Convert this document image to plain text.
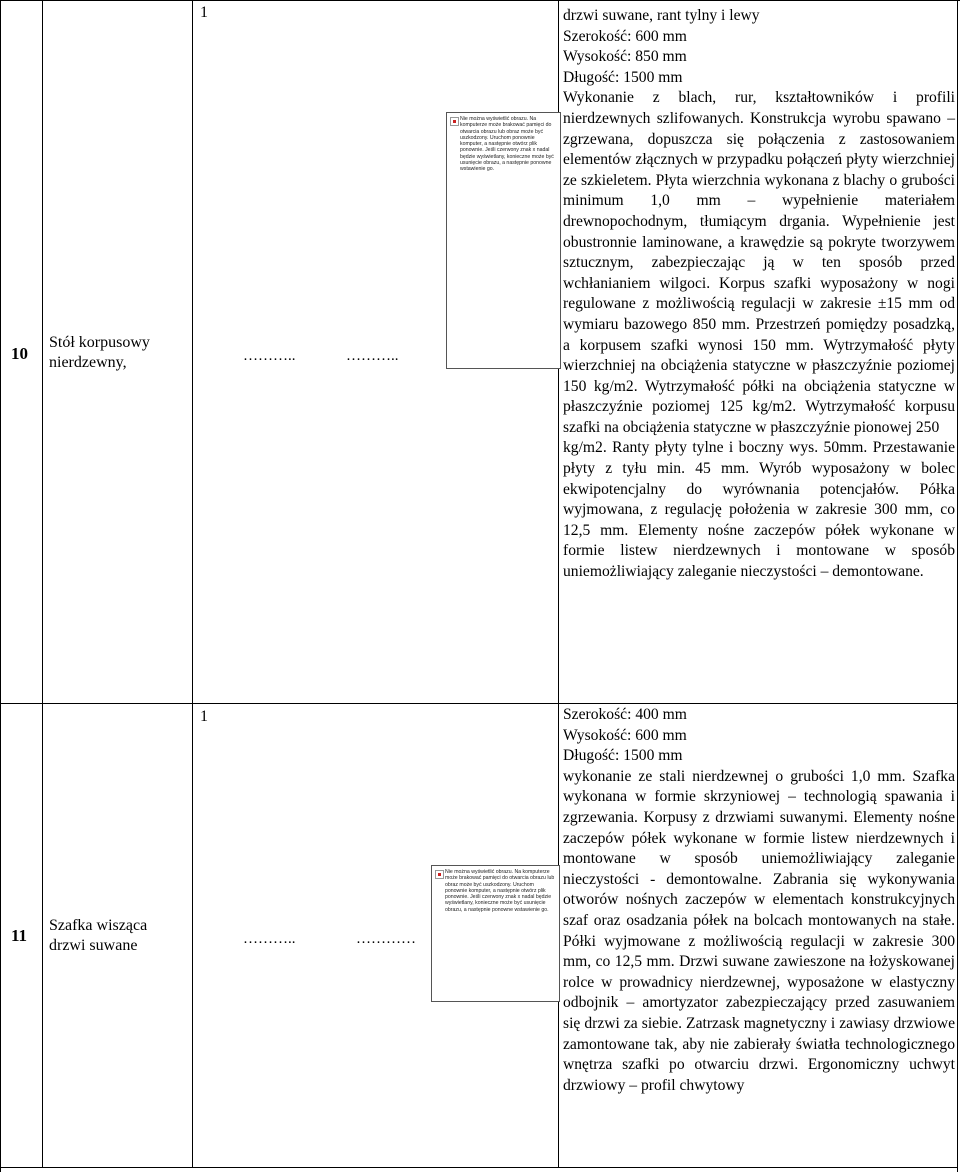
10
Stół korpusowy
nierdzewny,
1
………..	………..
Nie można wyświetlić obrazu. Na komputerze może brakować pamięci do otwarcia obrazu lub obraz może być uszkodzony. Uruchom ponownie komputer, a następnie otwórz plik ponownie. Jeśli czerwony znak x nadal będzie wyświetlany, konieczne może być usunięcie obrazu, a następnie ponowne wstawienie go.

drzwi suwane, rant tylny i lewy

Szerokość: 600 mm

Wysokość: 850 mm

Długość: 1500 mm

Wykonanie z blach, rur, kształtowników i profili nierdzewnych szlifowanych. Konstrukcja wyrobu spawano – zgrzewana, dopuszcza się połączenia z zastosowaniem elementów złącznych w przypadku połączeń płyty wierzchniej ze szkieletem. Płyta wierzchnia wykonana z blachy o grubości minimum 1,0 mm – wypełnienie materiałem drewnopochodnym, tłumiącym drgania. Wypełnienie jest obustronnie laminowane, a krawędzie są pokryte tworzywem sztucznym, zabezpieczając ją w ten sposób przed wchłanianiem wilgoci. Korpus szafki wyposażony w nogi regulowane z możliwością regulacji w zakresie ±15 mm od wymiaru bazowego 850 mm. Przestrzeń pomiędzy posadzką, a korpusem szafki wynosi 150 mm. Wytrzymałość płyty wierzchniej na obciążenia statyczne w płaszczyźnie poziomej 150 kg/m2. Wytrzymałość półki na obciążenia statyczne w płaszczyźnie poziomej 125 kg/m2. Wytrzymałość korpusu szafki na obciążenia statyczne w płaszczyźnie pionowej 250

kg/m2. Ranty płyty tylne i boczny wys. 50mm. Przestawanie płyty z tyłu min. 45 mm. Wyrób wyposażony w bolec ekwipotencjalny do wyrównania potencjałów. Półka wyjmowana, z regulację położenia w zakresie 300 mm, co 12,5 mm. Elementy nośne zaczepów półek wykonane w formie listew nierdzewnych i montowane w sposób uniemożliwiający zaleganie nieczystości – demontowane.

11
Szafka wisząca
drzwi suwane
1
………..	…………
Nie można wyświetlić obrazu. Na komputerze może brakować pamięci do otwarcia obrazu lub obraz może być uszkodzony. Uruchom ponownie komputer, a następnie otwórz plik ponownie. Jeśli czerwony znak x nadal będzie wyświetlany, konieczne może być usunięcie obrazu, a następnie ponowne wstawienie go.

Szerokość: 400 mm

Wysokość: 600 mm

Długość: 1500 mm

wykonanie ze stali nierdzewnej o grubości 1,0 mm. Szafka wykonana w formie skrzyniowej – technologią spawania i zgrzewania. Korpusy z drzwiami suwanymi. Elementy nośne zaczepów półek wykonane w formie listew nierdzewnych i montowane w sposób uniemożliwiający zaleganie nieczystości - demontowalne. Zabrania się wykonywania otworów nośnych zaczepów w elementach konstrukcyjnych szaf oraz osadzania półek na bolcach montowanych na stałe. Półki wyjmowane z możliwością regulacji w zakresie 300 mm, co 12,5 mm. Drzwi suwane zawieszone na łożyskowanej rolce w prowadnicy nierdzewnej, wyposażone w elastyczny odbojnik – amortyzator zabezpieczający przed zasuwaniem się drzwi za siebie. Zatrzask magnetyczny i zawiasy drzwiowe zamontowane tak, aby nie zabierały światła technologicznego wnętrza szafki po otwarciu drzwi. Ergonomiczny uchwyt drzwiowy – profil chwytowy
